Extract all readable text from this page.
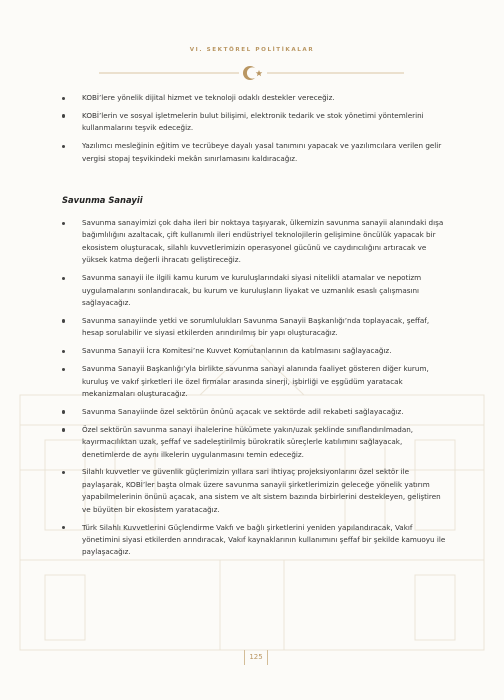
VI. SEKTÖREL POLİTİKALAR
KOBİ’lere yönelik dijital hizmet ve teknoloji odaklı destekler vereceğiz.
KOBİ’lerin ve sosyal işletmelerin bulut bilişimi, elektronik tedarik ve stok yönetimi yöntemlerini kullanmalarını teşvik edeceğiz.
Yazılımcı mesleğinin eğitim ve tecrübeye dayalı yasal tanımını yapacak ve yazılımcılara verilen gelir vergisi stopaj teşvikindeki mekân sınırlamasını kaldıracağız.
Savunma Sanayii
Savunma sanayimizi çok daha ileri bir noktaya taşıyarak, ülkemizin savunma sanayii alanındaki dışa bağımlılığını azaltacak, çift kullanımlı ileri endüstriyel teknolojilerin gelişimine öncülük yapacak bir ekosistem oluşturacak, silahlı kuvvetlerimizin operasyonel gücünü ve caydırıcılığını artıracak ve yüksek katma değerli ihracatı geliştireceğiz.
Savunma sanayii ile ilgili kamu kurum ve kuruluşlarındaki siyasi nitelikli atamalar ve nepotizm uygulamalarını sonlandıracak, bu kurum ve kuruluşların liyakat ve uzmanlık esaslı çalışmasını sağlayacağız.
Savunma sanayiinde yetki ve sorumlulukları Savunma Sanayii Başkanlığı’nda toplayacak, şeffaf, hesap sorulabilir ve siyasi etkilerden arındırılmış bir yapı oluşturacağız.
Savunma Sanayii İcra Komitesi’ne Kuvvet Komutanlarının da katılmasını sağlayacağız.
Savunma Sanayii Başkanlığı’yla birlikte savunma sanayi alanında faaliyet gösteren diğer kurum, kuruluş ve vakıf şirketleri ile özel firmalar arasında sinerji, işbirliği ve eşgüdüm yaratacak mekanizmaları oluşturacağız.
Savunma Sanayiinde özel sektörün önünü açacak ve sektörde adil rekabeti sağlayacağız.
Özel sektörün savunma sanayi ihalelerine hükümete yakın/uzak şeklinde sınıflandırılmadan, kayırmacılıktan uzak, şeffaf ve sadeleştirilmiş bürokratik süreçlerle katılımını sağlayacak, denetimlerde de aynı ilkelerin uygulanmasını temin edeceğiz.
Silahlı kuvvetler ve güvenlik güçlerimizin yıllara sari ihtiyaç projeksiyonlarını özel sektör ile paylaşarak, KOBİ’ler başta olmak üzere savunma sanayii şirketlerimizin geleceğe yönelik yatırım yapabilmelerinin önünü açacak, ana sistem ve alt sistem bazında birbirlerini destekleyen, geliştiren ve büyüten bir ekosistem yaratacağız.
Türk Silahlı Kuvvetlerini Güçlendirme Vakfı ve bağlı şirketlerini yeniden yapılandıracak, Vakıf yönetimini siyasi etkilerden arındıracak, Vakıf kaynaklarının kullanımını şeffaf bir şekilde kamuoyu ile paylaşacağız.
125
